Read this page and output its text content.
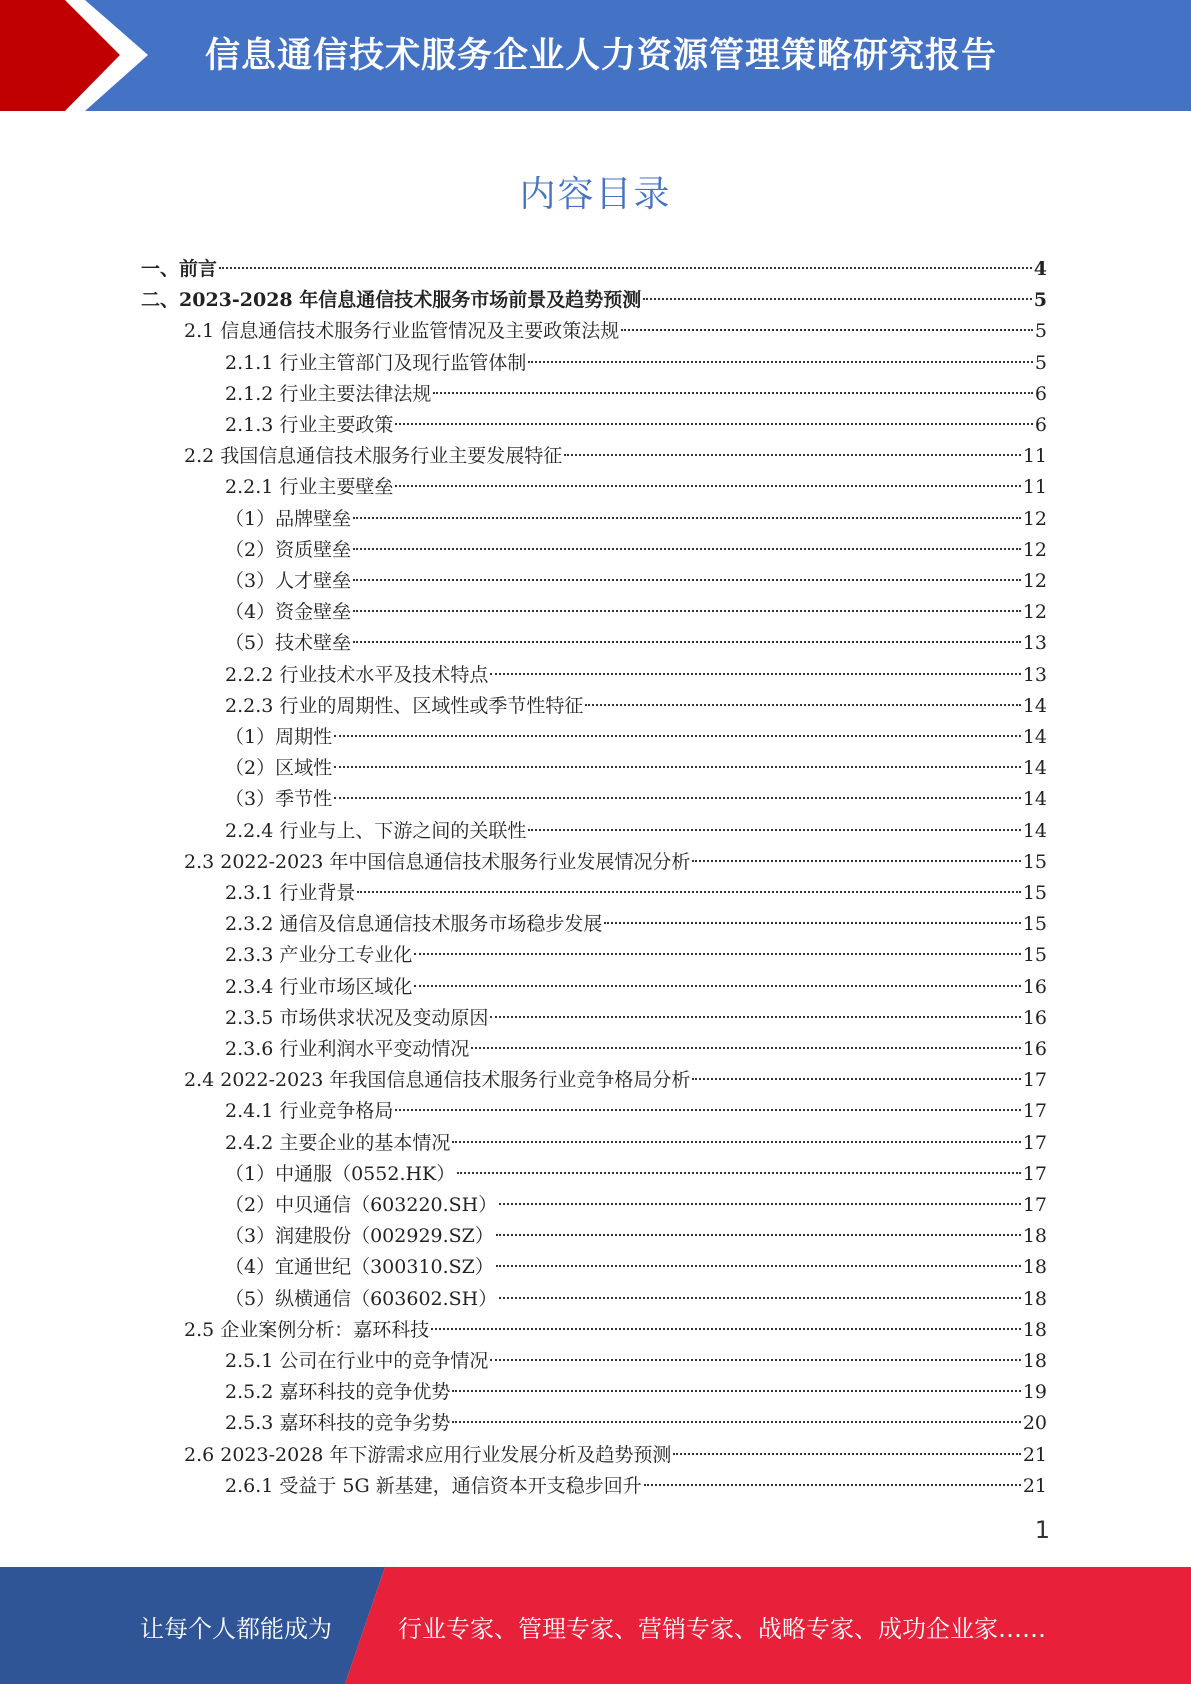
信息通信技术服务企业人力资源管理策略研究报告
内容目录
一、前言	4
二、2023-2028 年信息通信技术服务市场前景及趋势预测	5
2.1 信息通信技术服务行业监管情况及主要政策法规	5
2.1.1 行业主管部门及现行监管体制	5
2.1.2 行业主要法律法规	6
2.1.3 行业主要政策	6
2.2 我国信息通信技术服务行业主要发展特征	11
2.2.1 行业主要壁垒	11
（1）品牌壁垒	12
（2）资质壁垒	12
（3）人才壁垒	12
（4）资金壁垒	12
（5）技术壁垒	13
2.2.2 行业技术水平及技术特点	13
2.2.3 行业的周期性、区域性或季节性特征	14
（1）周期性	14
（2）区域性	14
（3）季节性	14
2.2.4 行业与上、下游之间的关联性	14
2.3 2022-2023 年中国信息通信技术服务行业发展情况分析	15
2.3.1 行业背景	15
2.3.2 通信及信息通信技术服务市场稳步发展	15
2.3.3 产业分工专业化	15
2.3.4 行业市场区域化	16
2.3.5 市场供求状况及变动原因	16
2.3.6 行业利润水平变动情况	16
2.4 2022-2023 年我国信息通信技术服务行业竞争格局分析	17
2.4.1 行业竞争格局	17
2.4.2 主要企业的基本情况	17
（1）中通服（0552.HK）	17
（2）中贝通信（603220.SH）	17
（3）润建股份（002929.SZ）	18
（4）宜通世纪（300310.SZ）	18
（5）纵横通信（603602.SH）	18
2.5 企业案例分析：嘉环科技	18
2.5.1 公司在行业中的竞争情况	18
2.5.2 嘉环科技的竞争优势	19
2.5.3 嘉环科技的竞争劣势	20
2.6 2023-2028 年下游需求应用行业发展分析及趋势预测	21
2.6.1 受益于 5G 新基建，通信资本开支稳步回升	21
1
让每个人都能成为	行业专家、管理专家、营销专家、战略专家、成功企业家……
